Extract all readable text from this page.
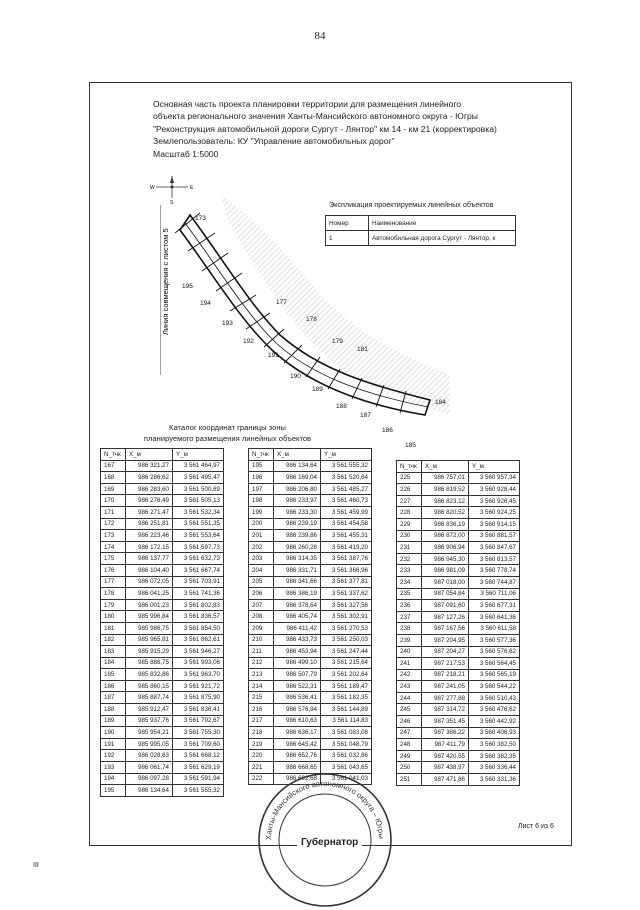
84
Основная часть проекта планировки территории для размещения линейного
объекта регионального значения Ханты-Мансийского автономного округа - Югры
"Реконструкция автомобильной дороги Сургут - Лянтор" км 14 - км 21 (корректировка)
Землепользователь: КУ "Управление автомобильных дорог"
Масштаб 1:5000
W	E
S	Экспликация проектируемых линейных объектов
Номер	Наименование
1	Автомобильная дорога Сургут - Лянтор, к
Линия совмещения с листом 5
173
195
194	177
193
178
192
191
179
190
189
188
187
186
185
184
181
Каталог координат границы зоны
планируемого размещения линейных объектов
N_тчк	X_м	Y_м
167	986 321,27	3 561 464,97
168	986 286,62	3 561 495,47
169	986 283,60	3 561 500,69
170	986 276,49	3 561 505,13
171	986 271,47	3 561 532,34
172	986 251,81	3 561 551,35
173	986 223,46	3 561 553,64
174	986 172,15	3 561 597,73
175	986 137,77	3 561 632,73
176	986 104,40	3 561 667,74
177	986 072,05	3 561 703,91
178	986 041,25	3 561 741,36
179	986 001,23	3 561 802,83
180	985 996,84	3 561 836,57
181	985 986,75	3 561 854,50
182	985 965,81	3 561 862,61
183	985 915,29	3 561 946,27
184	985 886,75	3 561 993,06
185	985 832,86	3 561 963,70
186	985 860,15	3 561 921,72
187	985 887,74	3 561 875,90
188	985 912,47	3 561 836,41
189	985 937,76	3 561 792,67
190	985 954,21	3 561 755,30
191	985 995,05	3 561 709,60
192	986 028,63	3 561 668,12
193	986 061,74	3 561 629,19
194	986 097,28	3 561 591,94
195	986 134,64	3 561 555,32
N_тчк	X_м	Y_м
195	986 134,64	3 561 555,32
196	986 169,04	3 561 520,64
197	986 206,80	3 561 485,27
198	986 233,97	3 561 460,73
199	986 233,30	3 561 459,99
200	986 239,19	3 561 454,58
201	986 239,86	3 561 455,31
202	986 260,28	3 561 419,20
203	986 314,35	3 561 387,76
204	986 331,71	3 561 366,96
205	986 341,66	3 561 377,81
206	986 386,19	3 561 337,62
207	986 378,64	3 561 327,56
208	986 405,74	3 561 302,91
209	986 411,42	3 561 270,53
210	986 433,73	3 561 250,03
211	986 453,94	3 561 247,44
212	986 499,10	3 561 215,64
213	986 507,79	3 561 202,64
214	986 522,31	3 561 189,47
215	986 536,41	3 561 182,35
216	986 576,94	3 561 144,89
217	986 610,63	3 561 114,83
218	986 636,17	3 561 083,08
219	986 645,42	3 561 048,79
220	986 652,76	3 561 032,86
221	986 668,65	3 561 043,65
222	986 692,68	3 561 041,03
N_тчк	X_м	Y_м
225	986 757,01	3 560 957,34
226	986 819,52	3 560 928,44
227	986 823,12	3 560 926,45
228	986 820,52	3 560 924,25
229	986 836,19	3 560 914,15
230	986 872,00	3 560 881,57
231	986 906,94	3 560 847,67
232	986 945,30	3 560 813,57
233	986 981,09	3 560 778,74
234	987 018,00	3 560 744,87
235	987 054,84	3 560 711,06
236	987 091,60	3 560 677,31
237	987 127,26	3 560 641,36
238	987 167,56	3 560 611,58
239	987 204,95	3 560 577,36
240	987 204,27	3 560 576,62
241	987 217,53	3 560 564,45
242	987 218,21	3 560 565,19
243	987 241,05	3 560 544,22
244	987 277,88	3 560 510,43
245	987 314,72	3 560 476,62
246	987 351,45	3 560 442,92
247	987 386,22	3 560 406,93
248	987 411,79	3 560 382,50
249	987 420,55	3 560 382,35
250	987 438,97	3 560 336,44
251	987 471,86	3 560 331,36
Лист 6 из 6
Ханты-Мансийского автономного округа – Югры
Губернатор
III
